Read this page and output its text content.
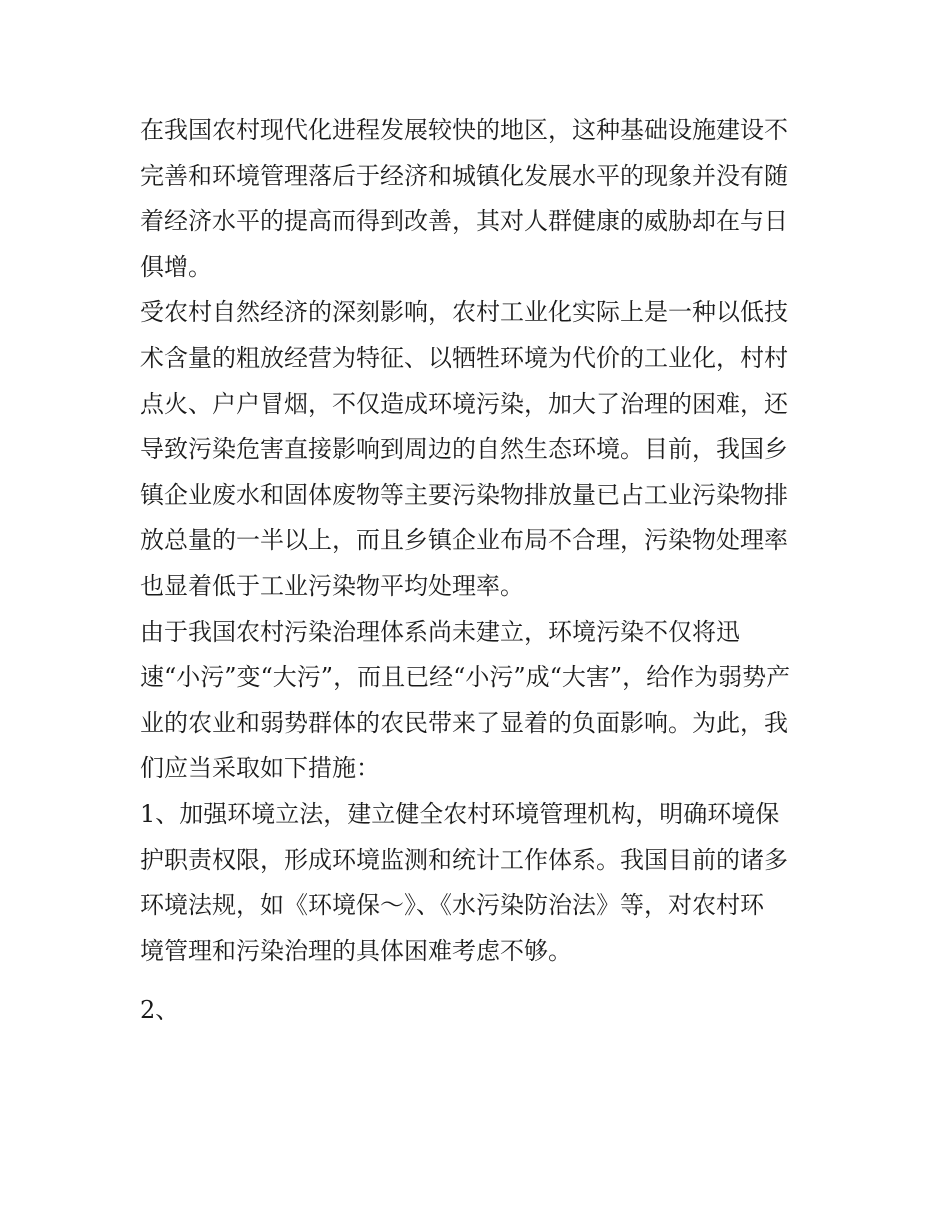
在我国农村现代化进程发展较快的地区，这种基础设施建设不
完善和环境管理落后于经济和城镇化发展水平的现象并没有随
着经济水平的提高而得到改善，其对人群健康的威胁却在与日
俱增。
受农村自然经济的深刻影响，农村工业化实际上是一种以低技
术含量的粗放经营为特征、以牺牲环境为代价的工业化，村村
点火、户户冒烟，不仅造成环境污染，加大了治理的困难，还
导致污染危害直接影响到周边的自然生态环境。目前，我国乡
镇企业废水和固体废物等主要污染物排放量已占工业污染物排
放总量的一半以上，而且乡镇企业布局不合理，污染物处理率
也显着低于工业污染物平均处理率。
由于我国农村污染治理体系尚未建立，环境污染不仅将迅
速“小污”变“大污”，而且已经“小污”成“大害”，给作为弱势产
业的农业和弱势群体的农民带来了显着的负面影响。为此，我
们应当采取如下措施：
1、加强环境立法，建立健全农村环境管理机构，明确环境保
护职责权限，形成环境监测和统计工作体系。我国目前的诸多
环境法规，如《环境保～》、《水污染防治法》等，对农村环
境管理和污染治理的具体困难考虑不够。
2、
